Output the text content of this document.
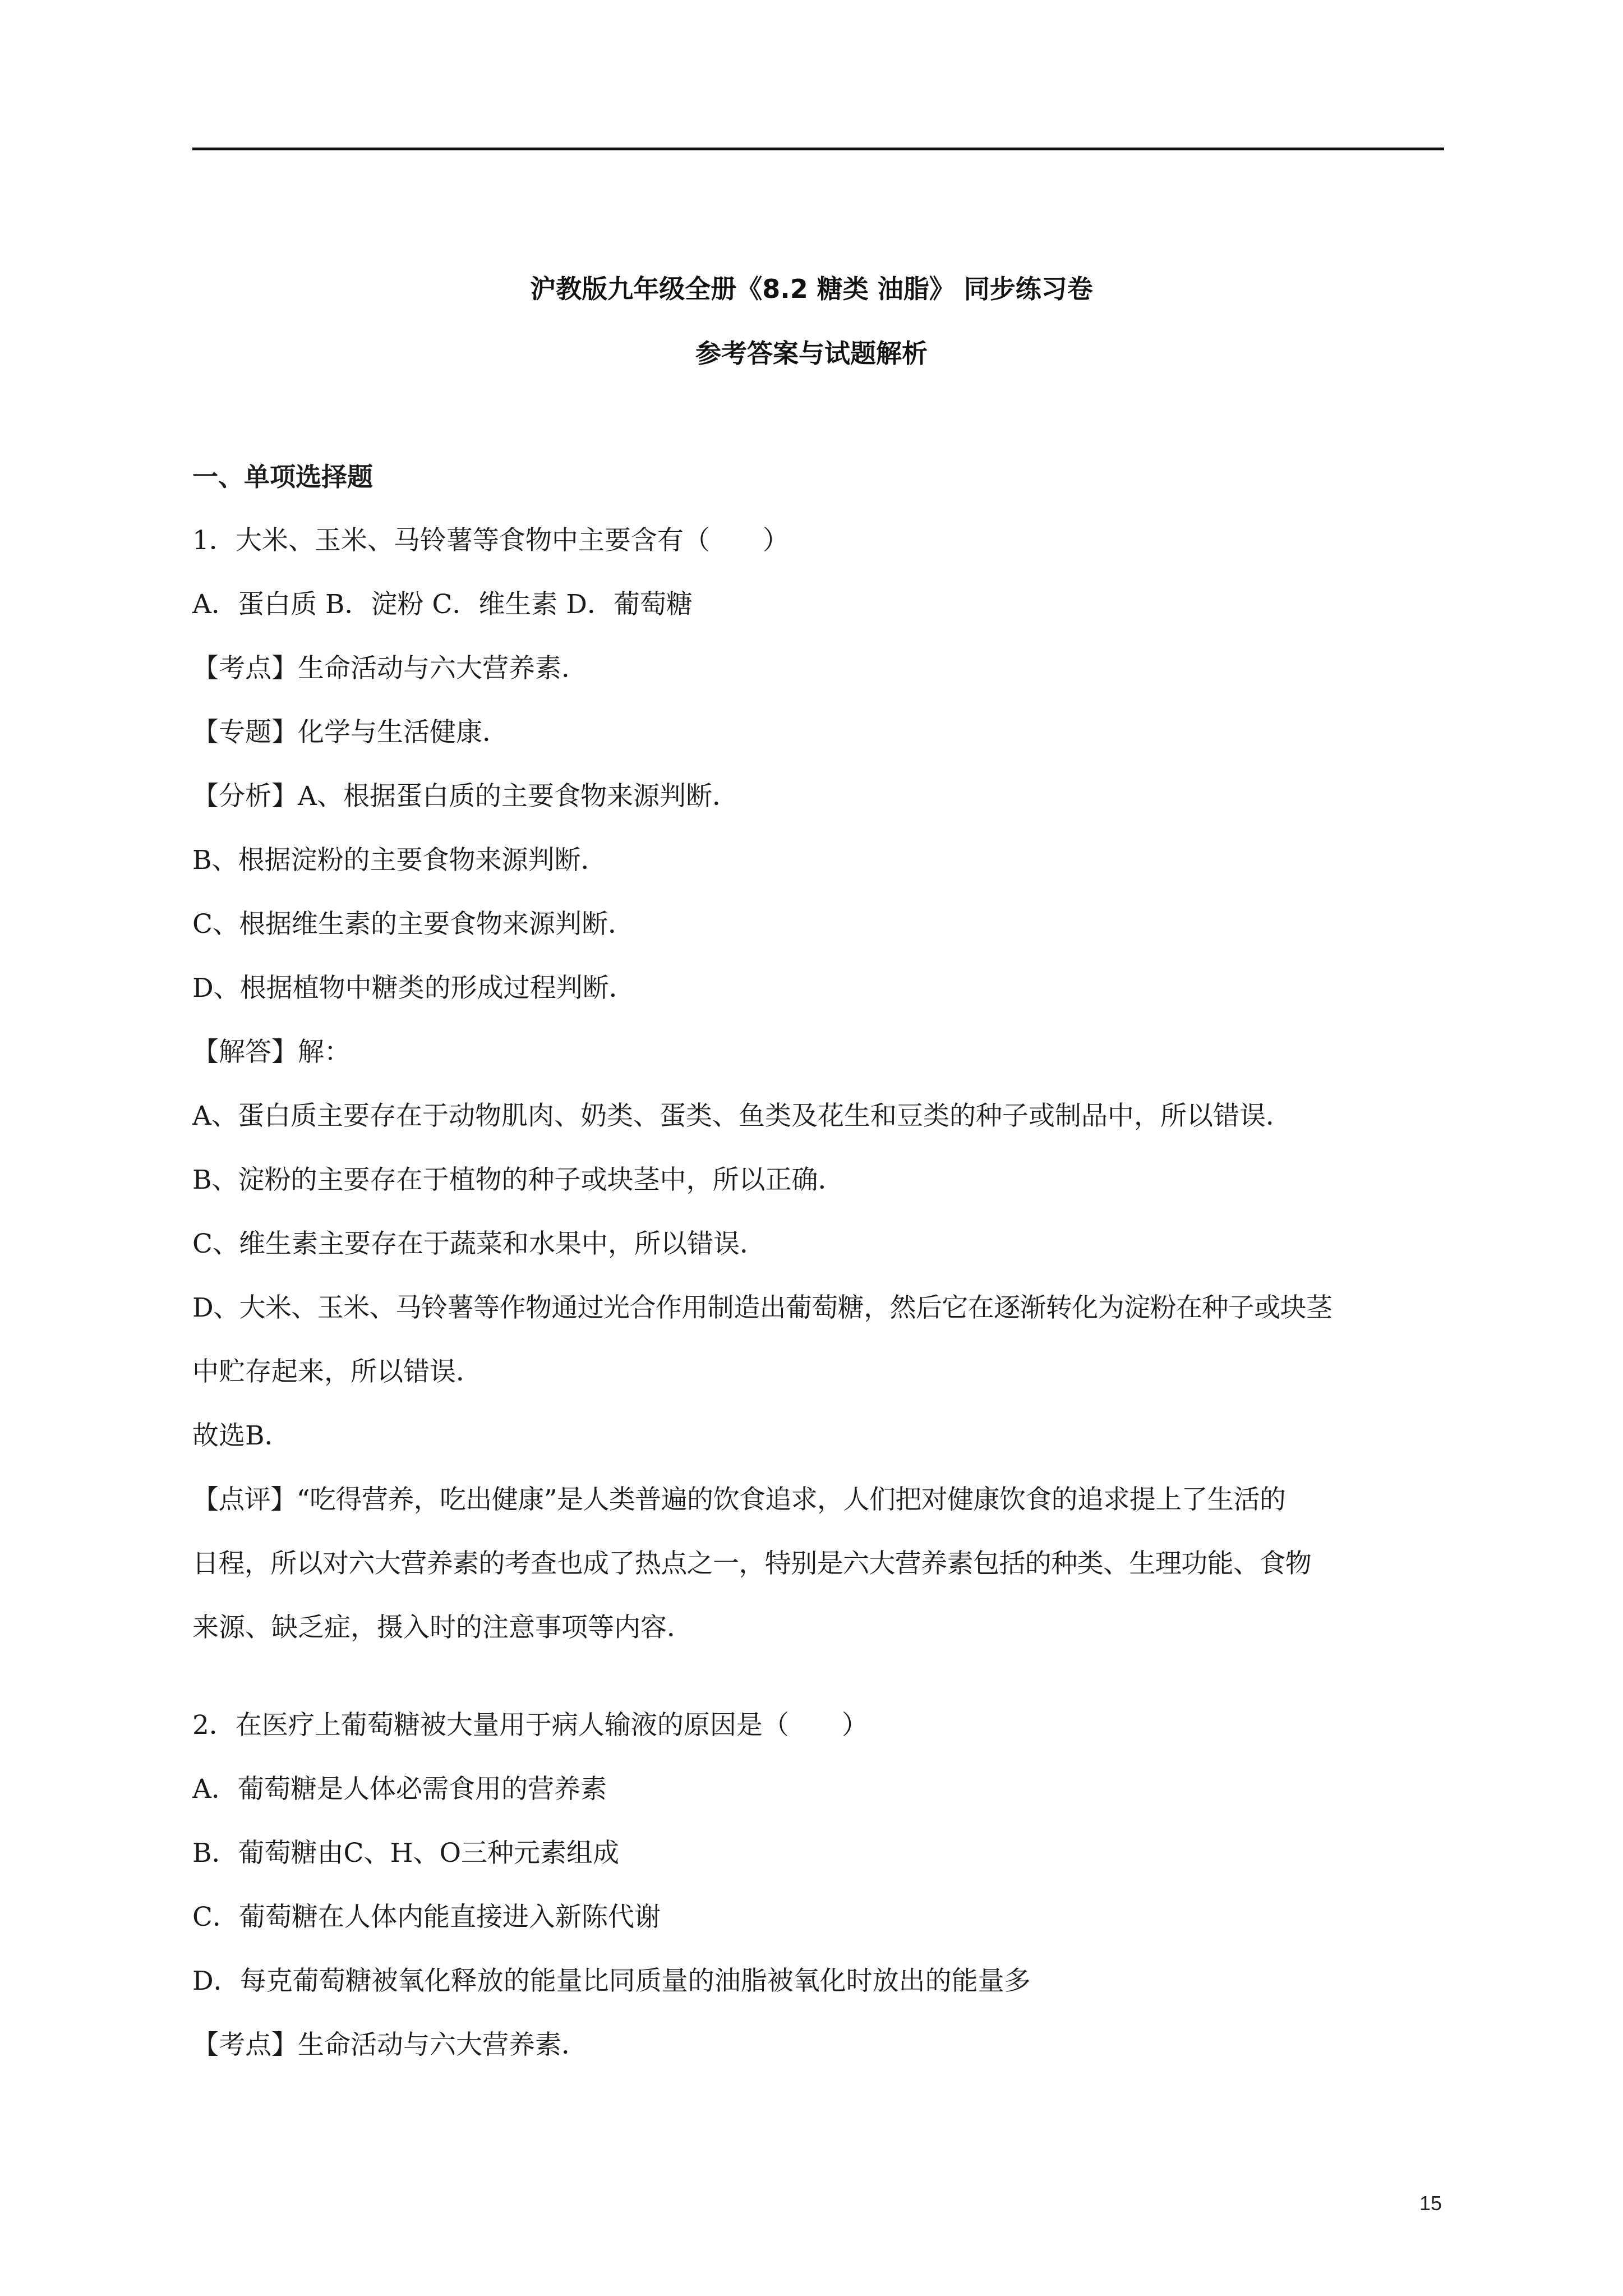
沪教版九年级全册《8.2 糖类 油脂》 同步练习卷
参考答案与试题解析
一、单项选择题
1．大米、玉米、马铃薯等食物中主要含有（　　）
A．蛋白质 B．淀粉 C．维生素 D．葡萄糖
【考点】生命活动与六大营养素．
【专题】化学与生活健康．
【分析】A、根据蛋白质的主要食物来源判断．
B、根据淀粉的主要食物来源判断．
C、根据维生素的主要食物来源判断．
D、根据植物中糖类的形成过程判断．
【解答】解：
A、蛋白质主要存在于动物肌肉、奶类、蛋类、鱼类及花生和豆类的种子或制品中，所以错误．
B、淀粉的主要存在于植物的种子或块茎中，所以正确．
C、维生素主要存在于蔬菜和水果中，所以错误．
D、大米、玉米、马铃薯等作物通过光合作用制造出葡萄糖，然后它在逐渐转化为淀粉在种子或块茎
中贮存起来，所以错误．
故选B．
【点评】“吃得营养，吃出健康”是人类普遍的饮食追求，人们把对健康饮食的追求提上了生活的
日程，所以对六大营养素的考查也成了热点之一，特别是六大营养素包括的种类、生理功能、食物
来源、缺乏症，摄入时的注意事项等内容．
2．在医疗上葡萄糖被大量用于病人输液的原因是（　　）
A．葡萄糖是人体必需食用的营养素
B．葡萄糖由C、H、O三种元素组成
C．葡萄糖在人体内能直接进入新陈代谢
D．每克葡萄糖被氧化释放的能量比同质量的油脂被氧化时放出的能量多
【考点】生命活动与六大营养素．
15
